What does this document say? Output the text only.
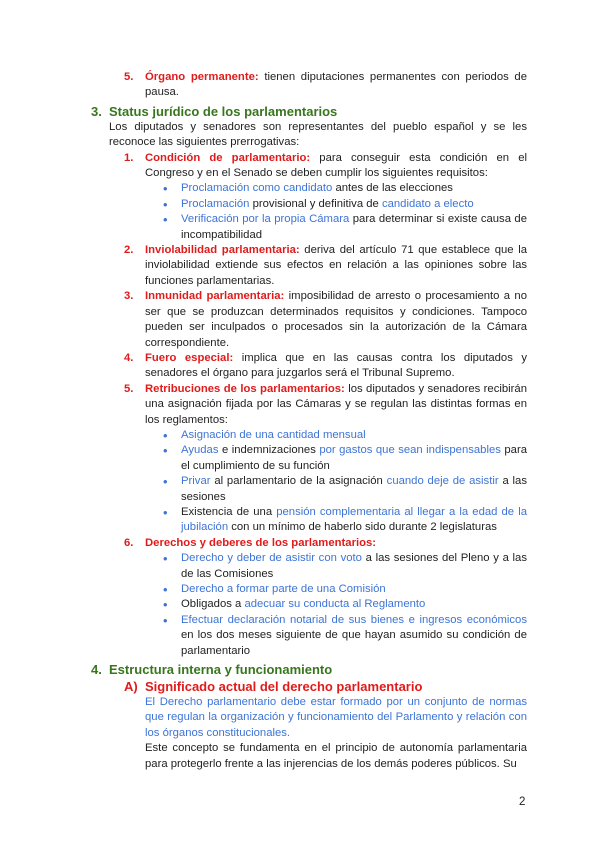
5. Órgano permanente: tienen diputaciones permanentes con periodos de pausa.
3. Status jurídico de los parlamentarios
Los diputados y senadores son representantes del pueblo español y se les reconoce las siguientes prerrogativas:
1. Condición de parlamentario: para conseguir esta condición en el Congreso y en el Senado se deben cumplir los siguientes requisitos:
• Proclamación como candidato antes de las elecciones
• Proclamación provisional y definitiva de candidato a electo
• Verificación por la propia Cámara para determinar si existe causa de incompatibilidad
2. Inviolabilidad parlamentaria: deriva del artículo 71 que establece que la inviolabilidad extiende sus efectos en relación a las opiniones sobre las funciones parlamentarias.
3. Inmunidad parlamentaria: imposibilidad de arresto o procesamiento a no ser que se produzcan determinados requisitos y condiciones. Tampoco pueden ser inculpados o procesados sin la autorización de la Cámara correspondiente.
4. Fuero especial: implica que en las causas contra los diputados y senadores el órgano para juzgarlos será el Tribunal Supremo.
5. Retribuciones de los parlamentarios: los diputados y senadores recibirán una asignación fijada por las Cámaras y se regulan las distintas formas en los reglamentos:
• Asignación de una cantidad mensual
• Ayudas e indemnizaciones por gastos que sean indispensables para el cumplimiento de su función
• Privar al parlamentario de la asignación cuando deje de asistir a las sesiones
• Existencia de una pensión complementaria al llegar a la edad de la jubilación con un mínimo de haberlo sido durante 2 legislaturas
6. Derechos y deberes de los parlamentarios:
• Derecho y deber de asistir con voto a las sesiones del Pleno y a las de las Comisiones
• Derecho a formar parte de una Comisión
• Obligados a adecuar su conducta al Reglamento
• Efectuar declaración notarial de sus bienes e ingresos económicos en los dos meses siguiente de que hayan asumido su condición de parlamentario
4. Estructura interna y funcionamiento
A) Significado actual del derecho parlamentario
El Derecho parlamentario debe estar formado por un conjunto de normas que regulan la organización y funcionamiento del Parlamento y relación con los órganos constitucionales.
Este concepto se fundamenta en el principio de autonomía parlamentaria para protegerlo frente a las injerencias de los demás poderes públicos. Su
2
